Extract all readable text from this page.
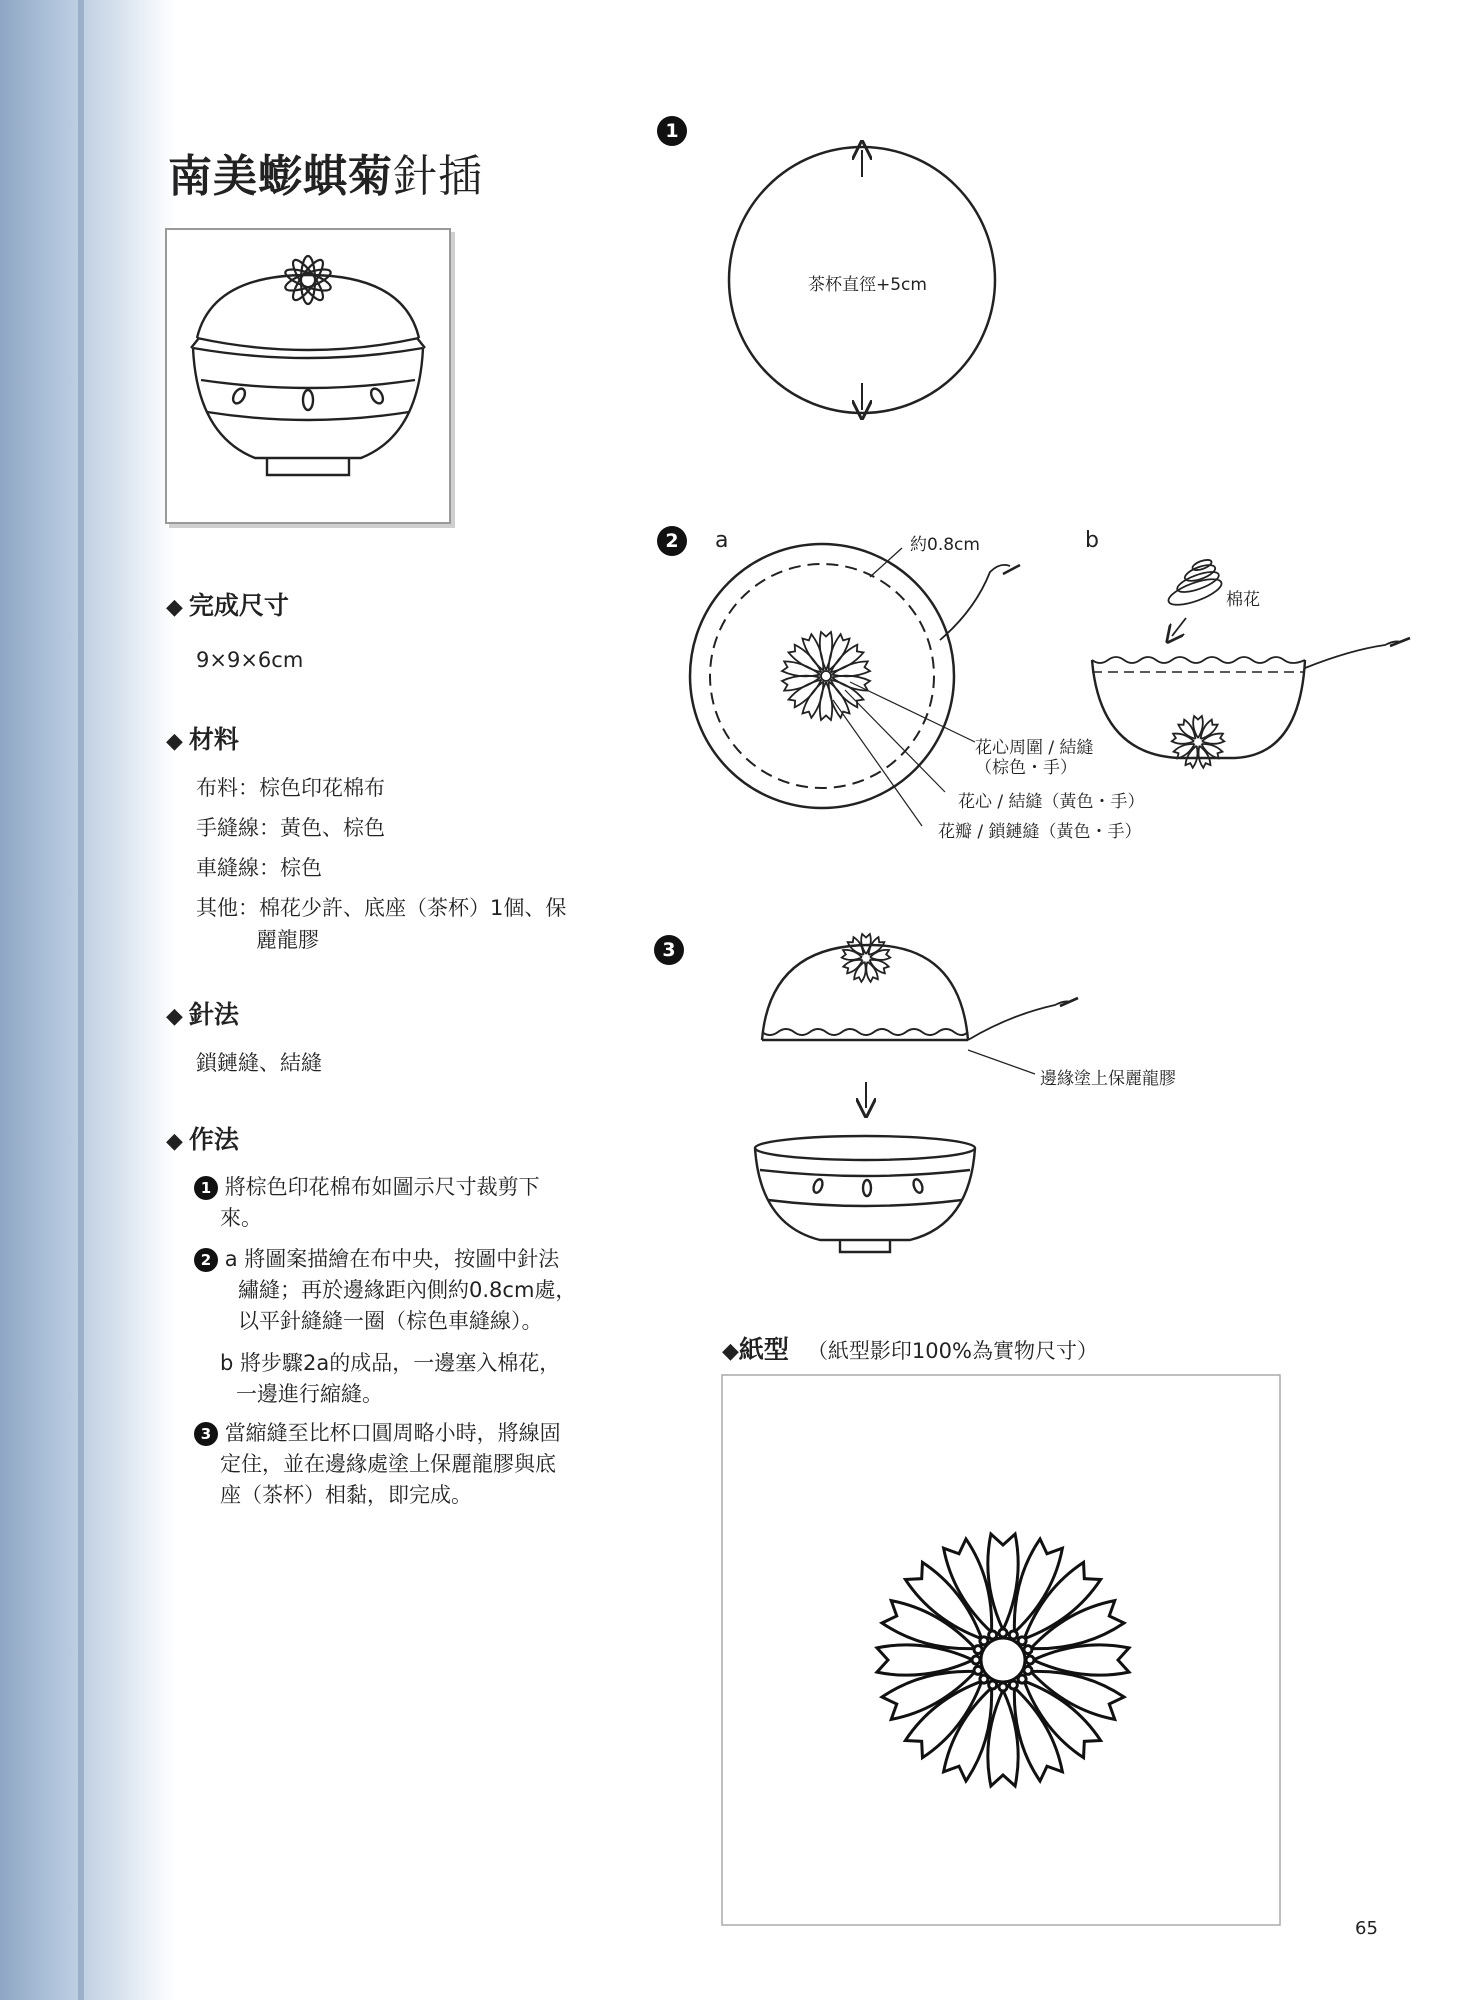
南美蟛蜞菊針插
◆ 完成尺寸
9×9×6cm
◆ 材料
布料：棕色印花棉布
手縫線：黃色、棕色
車縫線：棕色
其他：棉花少許、底座（茶杯）1個、保
麗龍膠
◆ 針法
鎖鏈縫、結縫
◆ 作法
1 將棕色印花棉布如圖示尺寸裁剪下
來。
2 a 將圖案描繪在布中央，按圖中針法
繡縫；再於邊緣距內側約0.8cm處，
以平針縫縫一圈（棕色車縫線）。
b 將步驟2a的成品，一邊塞入棉花，
一邊進行縮縫。
3 當縮縫至比杯口圓周略小時，將線固
定住，並在邊緣處塗上保麗龍膠與底
座（茶杯）相黏，即完成。
1
茶杯直徑+5cm
2	a	b
約0.8cm
棉花
花心周圍 / 結縫
（棕色・手）
花心 / 結縫（黃色・手）
花瓣 / 鎖鏈縫（黃色・手）
3
邊緣塗上保麗龍膠
◆紙型 （紙型影印100%為實物尺寸）
65
